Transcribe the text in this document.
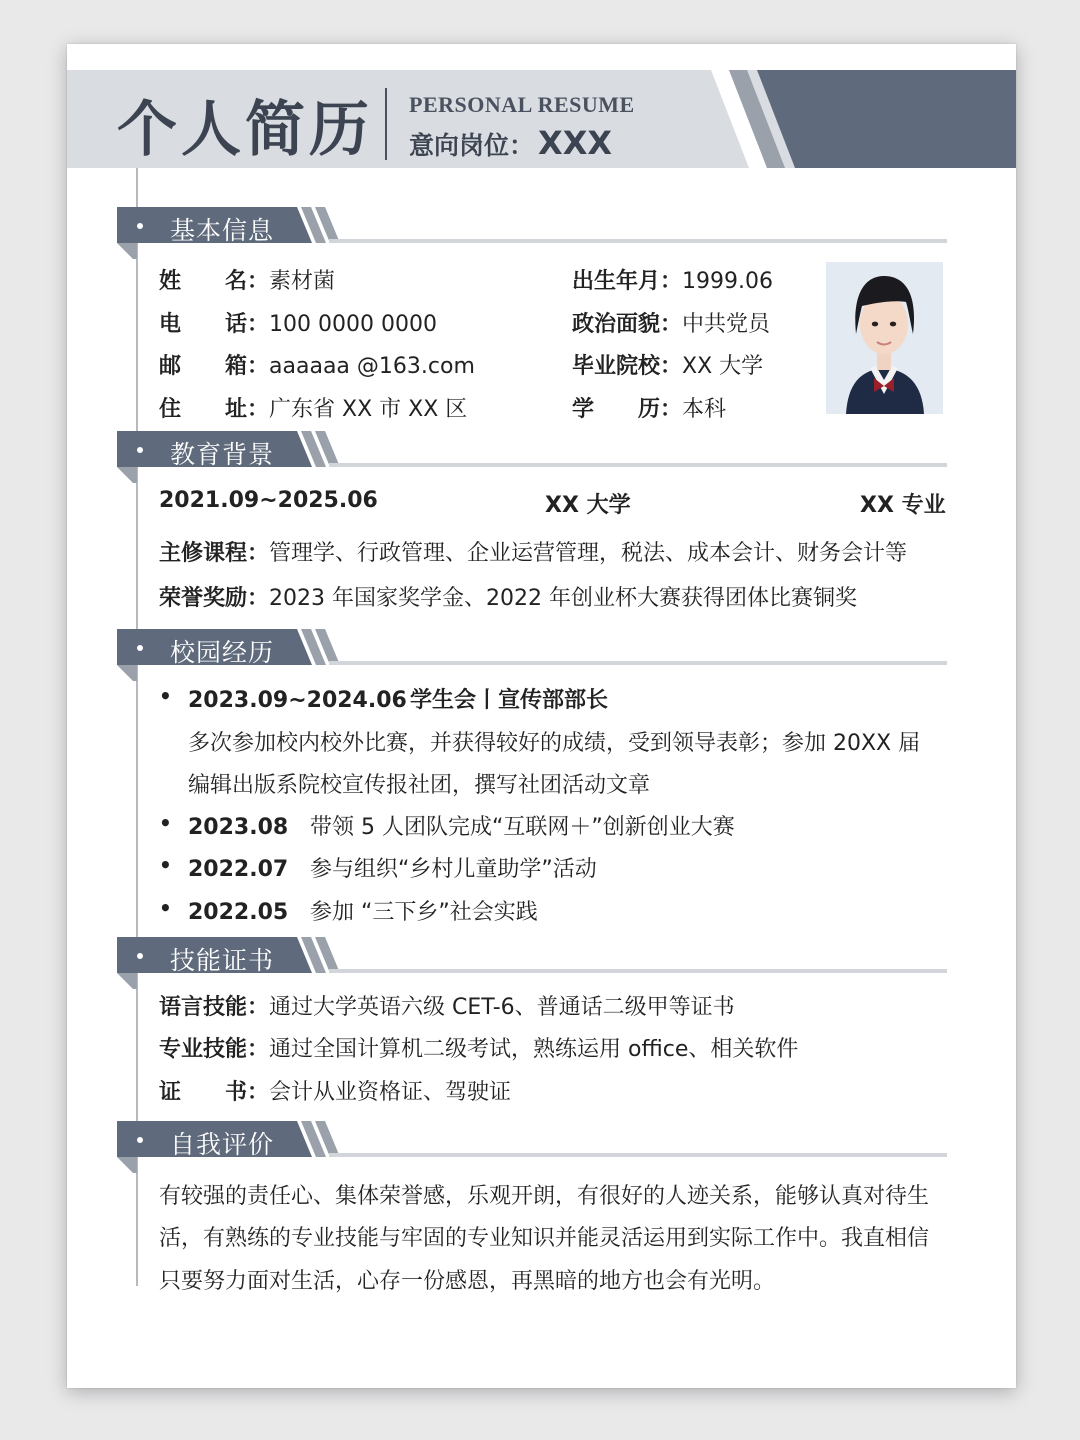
个人简历 PERSONAL RESUME
意向岗位： XXX
基本信息
姓 名：素材菌
电 话：100 0000 0000
邮 箱：aaaaaa @163.com
住 址：广东省 XX 市 XX 区
出生年月：1999.06
政治面貌：中共党员
毕业院校：XX 大学
学 历：本科
教育背景
2021.09~2025.06	XX 大学	XX 专业
主修课程：管理学、行政管理、企业运营管理，税法、成本会计、财务会计等
荣誉奖励：2023 年国家奖学金、2022 年创业杯大赛获得团体比赛铜奖
校园经历
• 2023.09~2024.06 学生会丨宣传部部长
多次参加校内校外比赛，并获得较好的成绩，受到领导表彰；参加 20XX 届
编辑出版系院校宣传报社团，撰写社团活动文章
• 2023.08 带领 5 人团队完成“互联网＋”创新创业大赛
• 2022.07 参与组织“乡村儿童助学”活动
• 2022.05 参加 “三下乡”社会实践
技能证书
语言技能：通过大学英语六级 CET-6、普通话二级甲等证书
专业技能：通过全国计算机二级考试，熟练运用 office、相关软件
证 书：会计从业资格证、驾驶证
自我评价
有较强的责任心、集体荣誉感，乐观开朗，有很好的人迹关系，能够认真对待生
活，有熟练的专业技能与牢固的专业知识并能灵活运用到实际工作中。我直相信
只要努力面对生活，心存一份感恩，再黑暗的地方也会有光明。
